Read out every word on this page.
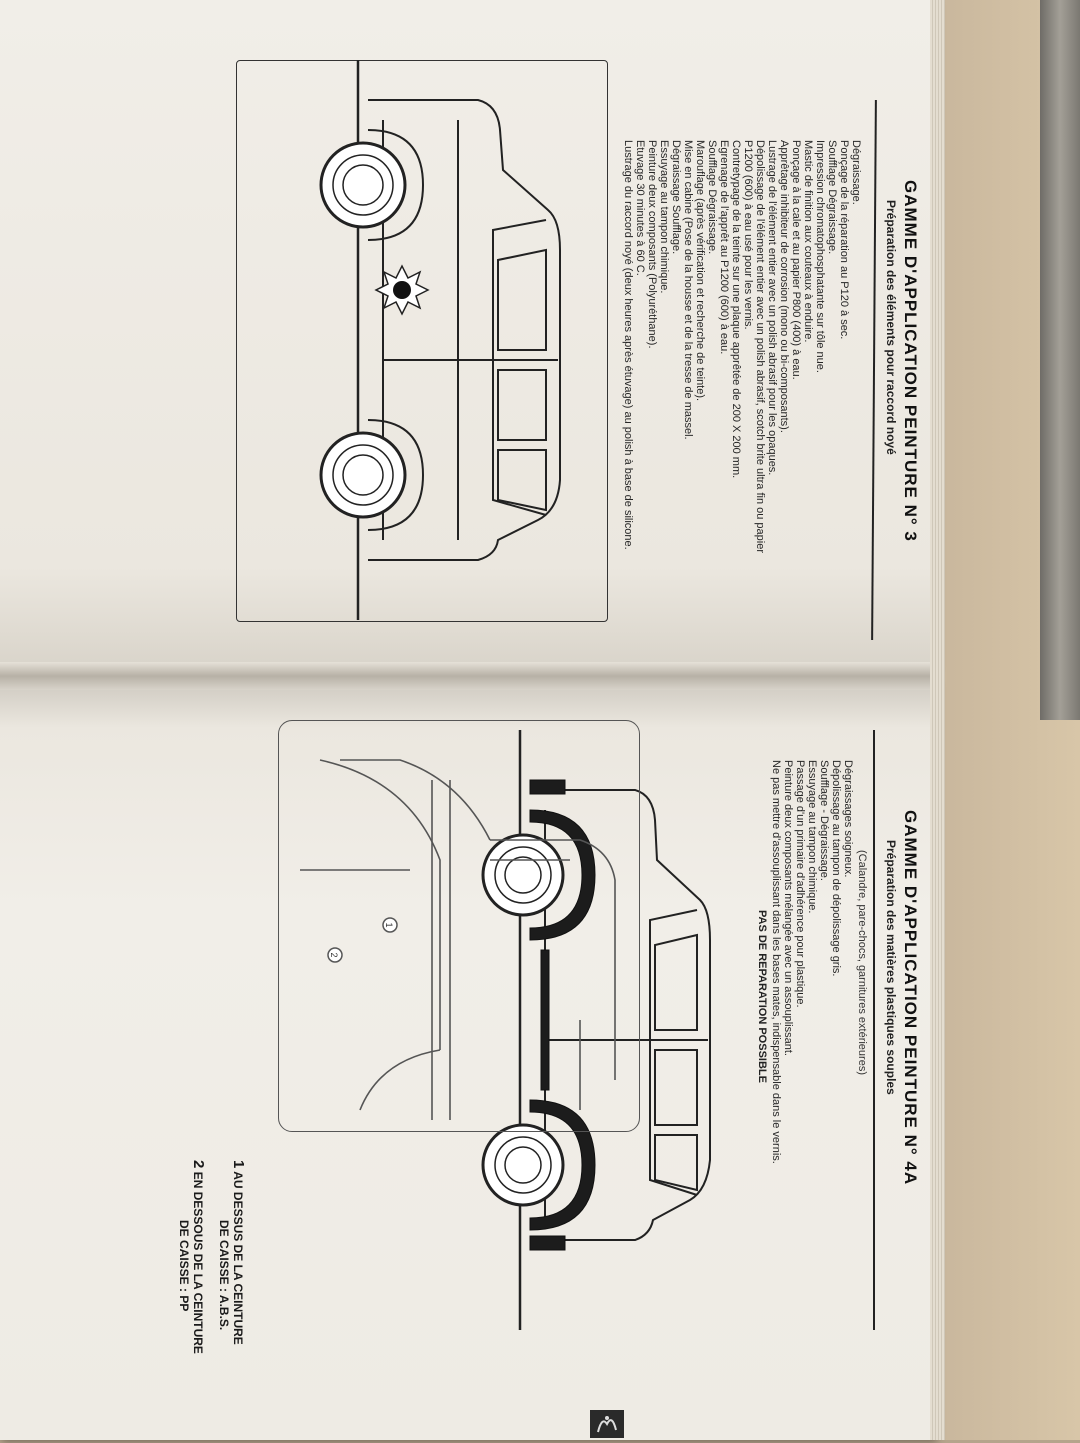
GAMME D'APPLICATION PEINTURE N° 3
Préparation des éléments pour raccord noyé
Dégraissage.
Ponçage de la réparation au P120 à sec.
Soufflage Dégraissage.
Impression chromatophosphatante sur tôle nue.
Mastic de finition aux couteaux à enduire.
Ponçage à la cale et au papier P800 (400) à eau.
Apprêtage inhibiteur de corrosion (mono ou bi-composants).
Lustrage de l'élément entier avec un polish abrasif pour les opaques.
Dépolissage de l'élément entier avec un polish abrasif, scotch brite ultra fin ou papier
P1200 (600) à eau usé pour les vernis.
Contretypage de la teinte sur une plaque apprêtée de 200 X 200 mm.
Egrenage de l'apprêt au P1200 (600) à eau.
Soufflage Dégraissage.
Marouflage (après vérification et recherche de teinte).
Mise en cabine (Pose de la housse et de la tresse de massel.
Dégraissage Soufflage.
Essuyage au tampon chimique.
Peinture deux composants (Polyuréthane).
Etuvage 30 minutes à 60 C.
Lustrage du raccord noyé (deux heures après étuvage) au polish à base de silicone.
GAMME D'APPLICATION PEINTURE N° 4A
Préparation des matières plastiques souples
(Calandre, pare-chocs, garnitures extérieures)
Dégraissages soigneux.
Dépolissage au tampon de dépolissage gris.
Soufflage - Dégraissage.
Essuyage au tampon chimique.
Passage d'un primaire d'adhérence pour plastique.
Peinture deux composants mélangée avec un assouplissant.
Ne pas mettre d'assouplissant dans les bases mates, indispensable dans le vernis.
PAS DE REPARATION POSSIBLE
1
2
1 AU DESSUS DE LA CEINTURE
DE CAISSE : A.B.S.
2 EN DESSOUS DE LA CEINTURE
DE CAISSE : PP
